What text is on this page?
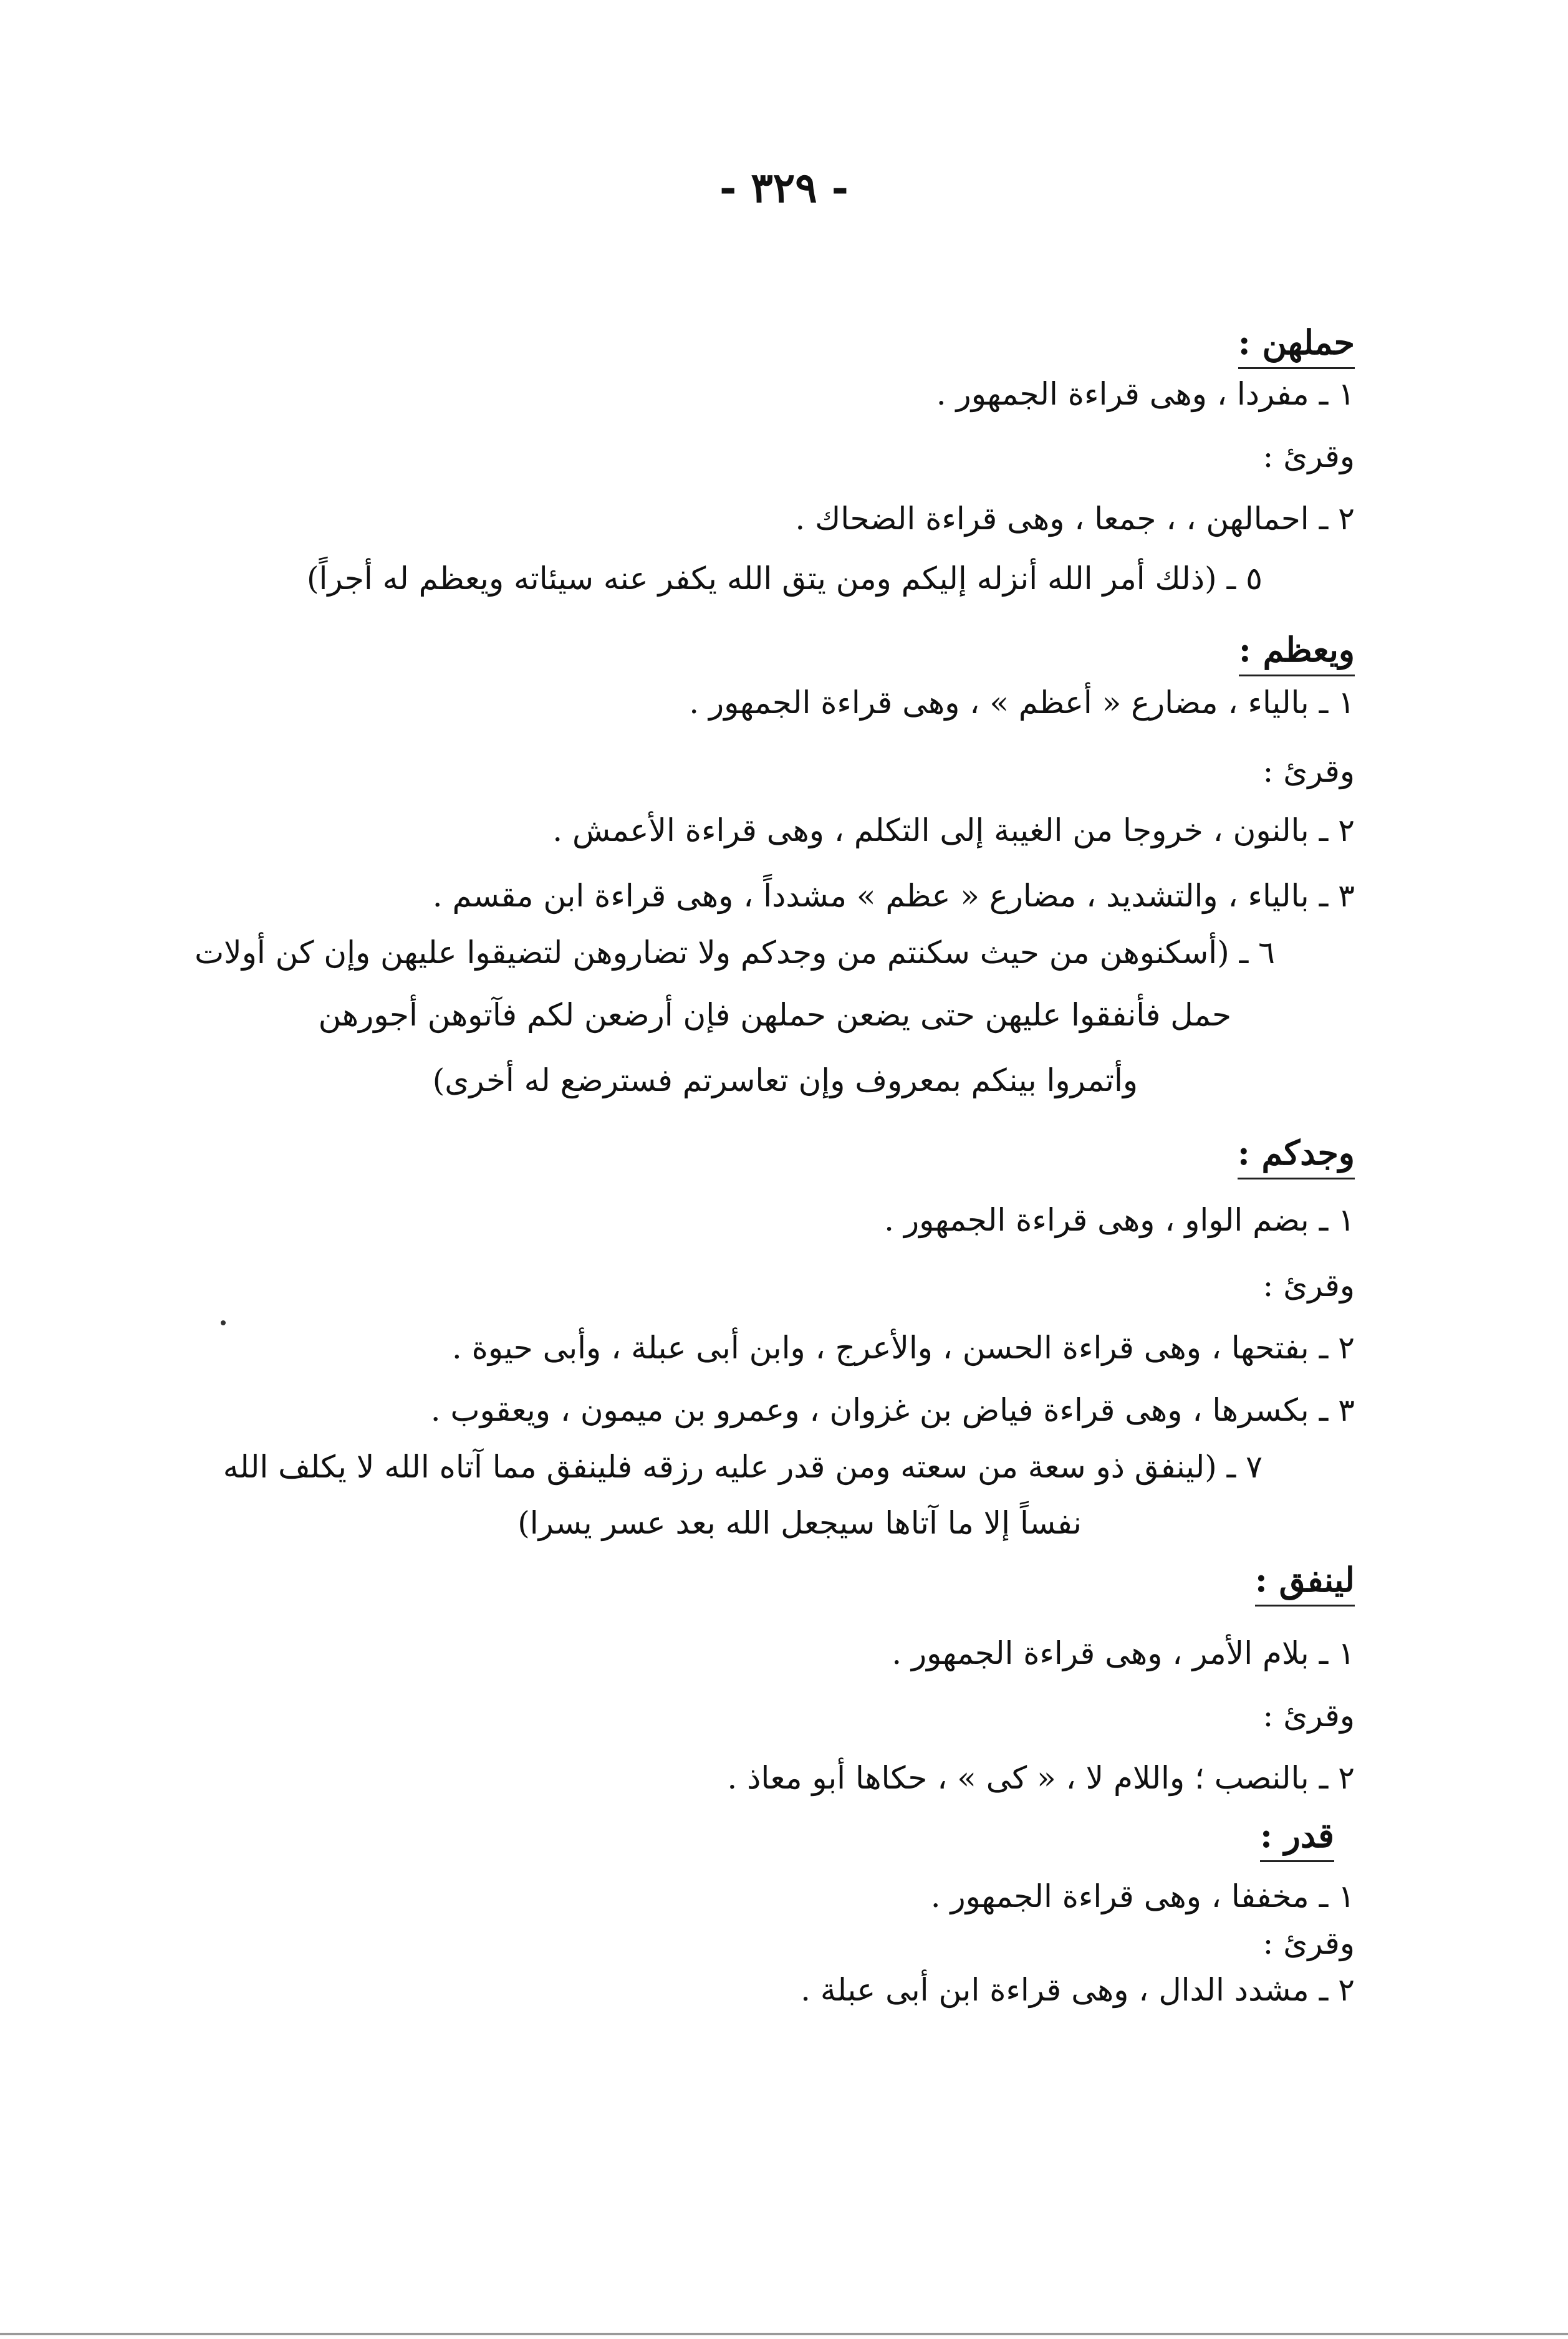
- ٣٢٩ -
حملهن :
١ ـ مفردا ، وهى قراءة الجمهور .
وقرئ :
٢ ـ احمالهن ، ، جمعا ، وهى قراءة الضحاك .
٥ ـ (ذلك أمر الله أنزله إليكم ومن يتق الله يكفر عنه سيئاته ويعظم له أجراً)
ويعظم :
١ ـ بالياء ، مضارع « أعظم » ، وهى قراءة الجمهور .
وقرئ :
٢ ـ بالنون ، خروجا من الغيبة إلى التكلم ، وهى قراءة الأعمش .
٣ ـ بالياء ، والتشديد ، مضارع « عظم » مشدداً ، وهى قراءة ابن مقسم .
٦ ـ (أسكنوهن من حيث سكنتم من وجدكم ولا تضاروهن لتضيقوا عليهن وإن كن أولات
حمل فأنفقوا عليهن حتى يضعن حملهن فإن أرضعن لكم فآتوهن أجورهن
وأتمروا بينكم بمعروف وإن تعاسرتم فسترضع له أخرى)
وجدكم :
١ ـ بضم الواو ، وهى قراءة الجمهور .
وقرئ :
٢ ـ بفتحها ، وهى قراءة الحسن ، والأعرج ، وابن أبى عبلة ، وأبى حيوة .
٣ ـ بكسرها ، وهى قراءة فياض بن غزوان ، وعمرو بن ميمون ، ويعقوب .
٧ ـ (لينفق ذو سعة من سعته ومن قدر عليه رزقه فلينفق مما آتاه الله لا يكلف الله
نفساً إلا ما آتاها سيجعل الله بعد عسر يسرا)
لينفق :
١ ـ بلام الأمر ، وهى قراءة الجمهور .
وقرئ :
٢ ـ بالنصب ؛ واللام لا ، « كى » ، حكاها أبو معاذ .
قدر :
١ ـ مخففا ، وهى قراءة الجمهور .
وقرئ :
٢ ـ مشدد الدال ، وهى قراءة ابن أبى عبلة .
